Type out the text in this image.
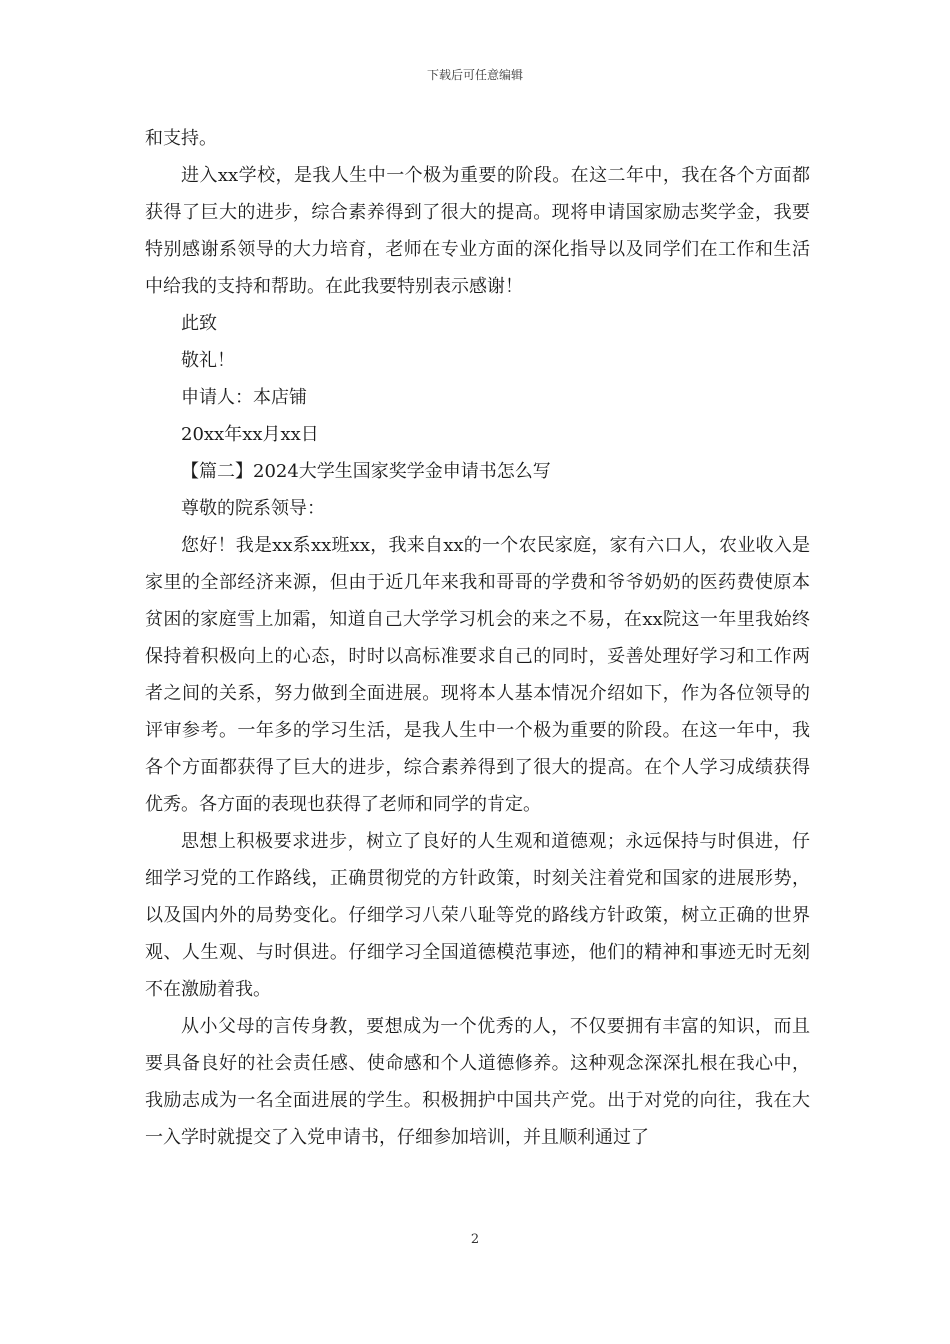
下载后可任意编辑

和支持。

进入xx学校，是我人生中一个极为重要的阶段。在这二年中，我在各个方面都获得了巨大的进步，综合素养得到了很大的提高。现将申请国家励志奖学金，我要特别感谢系领导的大力培育，老师在专业方面的深化指导以及同学们在工作和生活中给我的支持和帮助。在此我要特别表示感谢！

此致

敬礼！

申请人：本店铺

20xx年xx月xx日

【篇二】2024大学生国家奖学金申请书怎么写

尊敬的院系领导：

您好！我是xx系xx班xx，我来自xx的一个农民家庭，家有六口人，农业收入是家里的全部经济来源，但由于近几年来我和哥哥的学费和爷爷奶奶的医药费使原本贫困的家庭雪上加霜，知道自己大学学习机会的来之不易，在xx院这一年里我始终保持着积极向上的心态，时时以高标准要求自己的同时，妥善处理好学习和工作两者之间的关系，努力做到全面进展。现将本人基本情况介绍如下，作为各位领导的评审参考。一年多的学习生活，是我人生中一个极为重要的阶段。在这一年中，我各个方面都获得了巨大的进步，综合素养得到了很大的提高。在个人学习成绩获得优秀。各方面的表现也获得了老师和同学的肯定。

思想上积极要求进步，树立了良好的人生观和道德观；永远保持与时俱进，仔细学习党的工作路线，正确贯彻党的方针政策，时刻关注着党和国家的进展形势，以及国内外的局势变化。仔细学习八荣八耻等党的路线方针政策，树立正确的世界观、人生观、与时俱进。仔细学习全国道德模范事迹，他们的精神和事迹无时无刻不在激励着我。

从小父母的言传身教，要想成为一个优秀的人，不仅要拥有丰富的知识，而且要具备良好的社会责任感、使命感和个人道德修养。这种观念深深扎根在我心中，我励志成为一名全面进展的学生。积极拥护中国共产党。出于对党的向往，我在大一入学时就提交了入党申请书，仔细参加培训，并且顺利通过了

2
